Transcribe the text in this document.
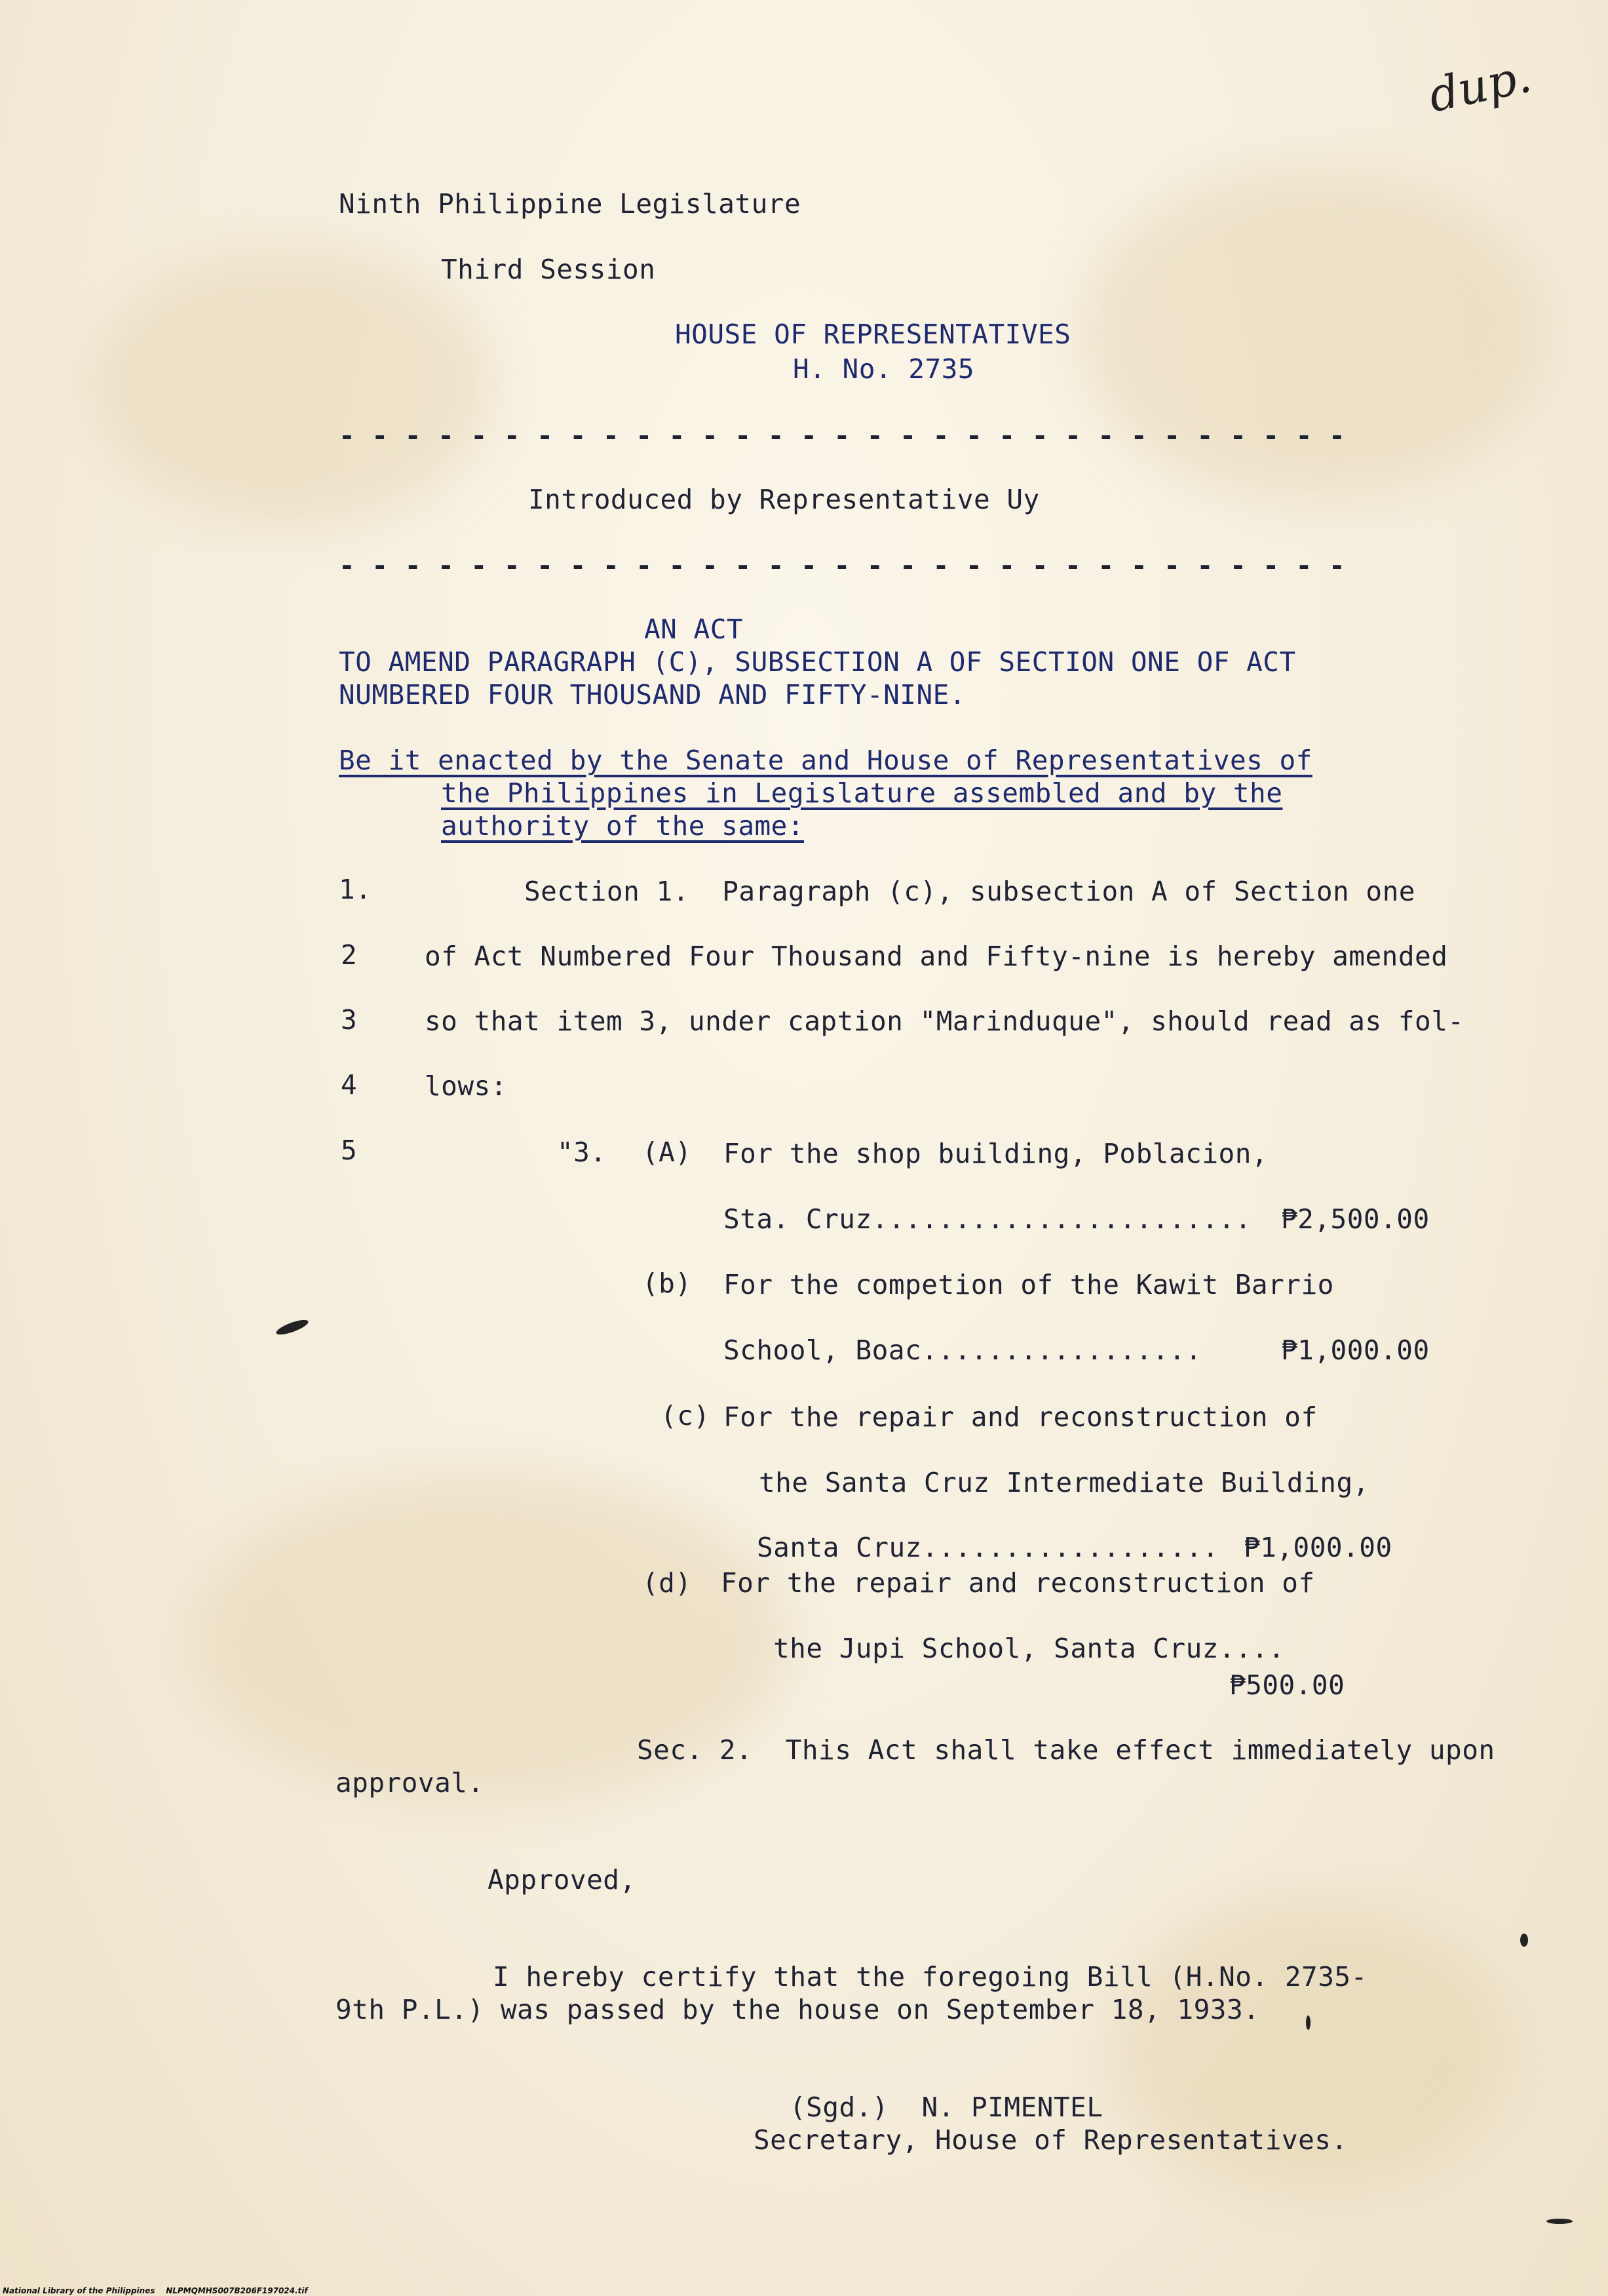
dup.
Ninth Philippine Legislature
Third Session
HOUSE OF REPRESENTATIVES
H. No. 2735
- - - - - - - - - - - - - - - - - - - - - - - - - - - - - - -
Introduced by Representative Uy
- - - - - - - - - - - - - - - - - - - - - - - - - - - - - - -
AN ACT
TO AMEND PARAGRAPH (C), SUBSECTION A OF SECTION ONE OF ACT
NUMBERED FOUR THOUSAND AND FIFTY-NINE.
Be it enacted by the Senate and House of Representatives of
the Philippines in Legislature assembled and by the
authority of the same:
1.
2
3
4
5
Section 1.  Paragraph (c), subsection A of Section one
of Act Numbered Four Thousand and Fifty-nine is hereby amended
so that item 3, under caption "Marinduque", should read as fol-
lows:
"3. (A) For the shop building, Poblacion,
Sta. Cruz....................... ₱2,500.00
(b) For the competion of the Kawit Barrio
School, Boac.................	₱1,000.00
(c) For the repair and reconstruction of
the Santa Cruz Intermediate Building,
Santa Cruz.................. ₱1,000.00
(d) For the repair and reconstruction of
the Jupi School, Santa Cruz....
₱500.00
Sec. 2.  This Act shall take effect immediately upon
approval.
Approved,
I hereby certify that the foregoing Bill (H.No. 2735-
9th P.L.) was passed by the house on September 18, 1933.
(Sgd.)  N. PIMENTEL
Secretary, House of Representatives.
National Library of the Philippines    NLPMQMHS007B206F197024.tif
